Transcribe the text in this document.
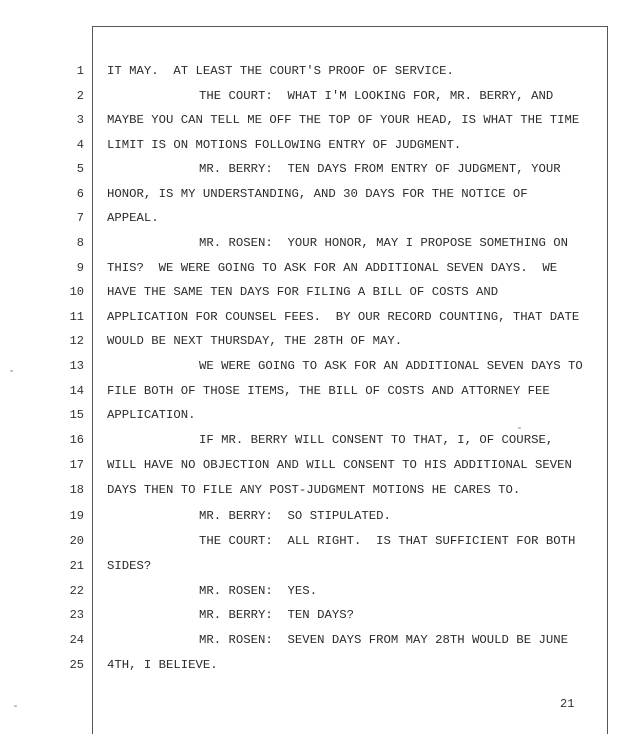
1
2
3
4
5
6
7
8
9
10
11
12
13
14
15
16
17
18
19
20
21
22
23
24
25
IT MAY.  AT LEAST THE COURT'S PROOF OF SERVICE.
THE COURT:  WHAT I'M LOOKING FOR, MR. BERRY, AND
MAYBE YOU CAN TELL ME OFF THE TOP OF YOUR HEAD, IS WHAT THE TIME
LIMIT IS ON MOTIONS FOLLOWING ENTRY OF JUDGMENT.
MR. BERRY:  TEN DAYS FROM ENTRY OF JUDGMENT, YOUR
HONOR, IS MY UNDERSTANDING, AND 30 DAYS FOR THE NOTICE OF
APPEAL.
MR. ROSEN:  YOUR HONOR, MAY I PROPOSE SOMETHING ON
THIS?  WE WERE GOING TO ASK FOR AN ADDITIONAL SEVEN DAYS.  WE
HAVE THE SAME TEN DAYS FOR FILING A BILL OF COSTS AND
APPLICATION FOR COUNSEL FEES.  BY OUR RECORD COUNTING, THAT DATE
WOULD BE NEXT THURSDAY, THE 28TH OF MAY.
WE WERE GOING TO ASK FOR AN ADDITIONAL SEVEN DAYS TO
FILE BOTH OF THOSE ITEMS, THE BILL OF COSTS AND ATTORNEY FEE
APPLICATION.
IF MR. BERRY WILL CONSENT TO THAT, I, OF COURSE,
WILL HAVE NO OBJECTION AND WILL CONSENT TO HIS ADDITIONAL SEVEN
DAYS THEN TO FILE ANY POST-JUDGMENT MOTIONS HE CARES TO.
MR. BERRY:  SO STIPULATED.
THE COURT:  ALL RIGHT.  IS THAT SUFFICIENT FOR BOTH
SIDES?
MR. ROSEN:  YES.
MR. BERRY:  TEN DAYS?
MR. ROSEN:  SEVEN DAYS FROM MAY 28TH WOULD BE JUNE
4TH, I BELIEVE.
21
